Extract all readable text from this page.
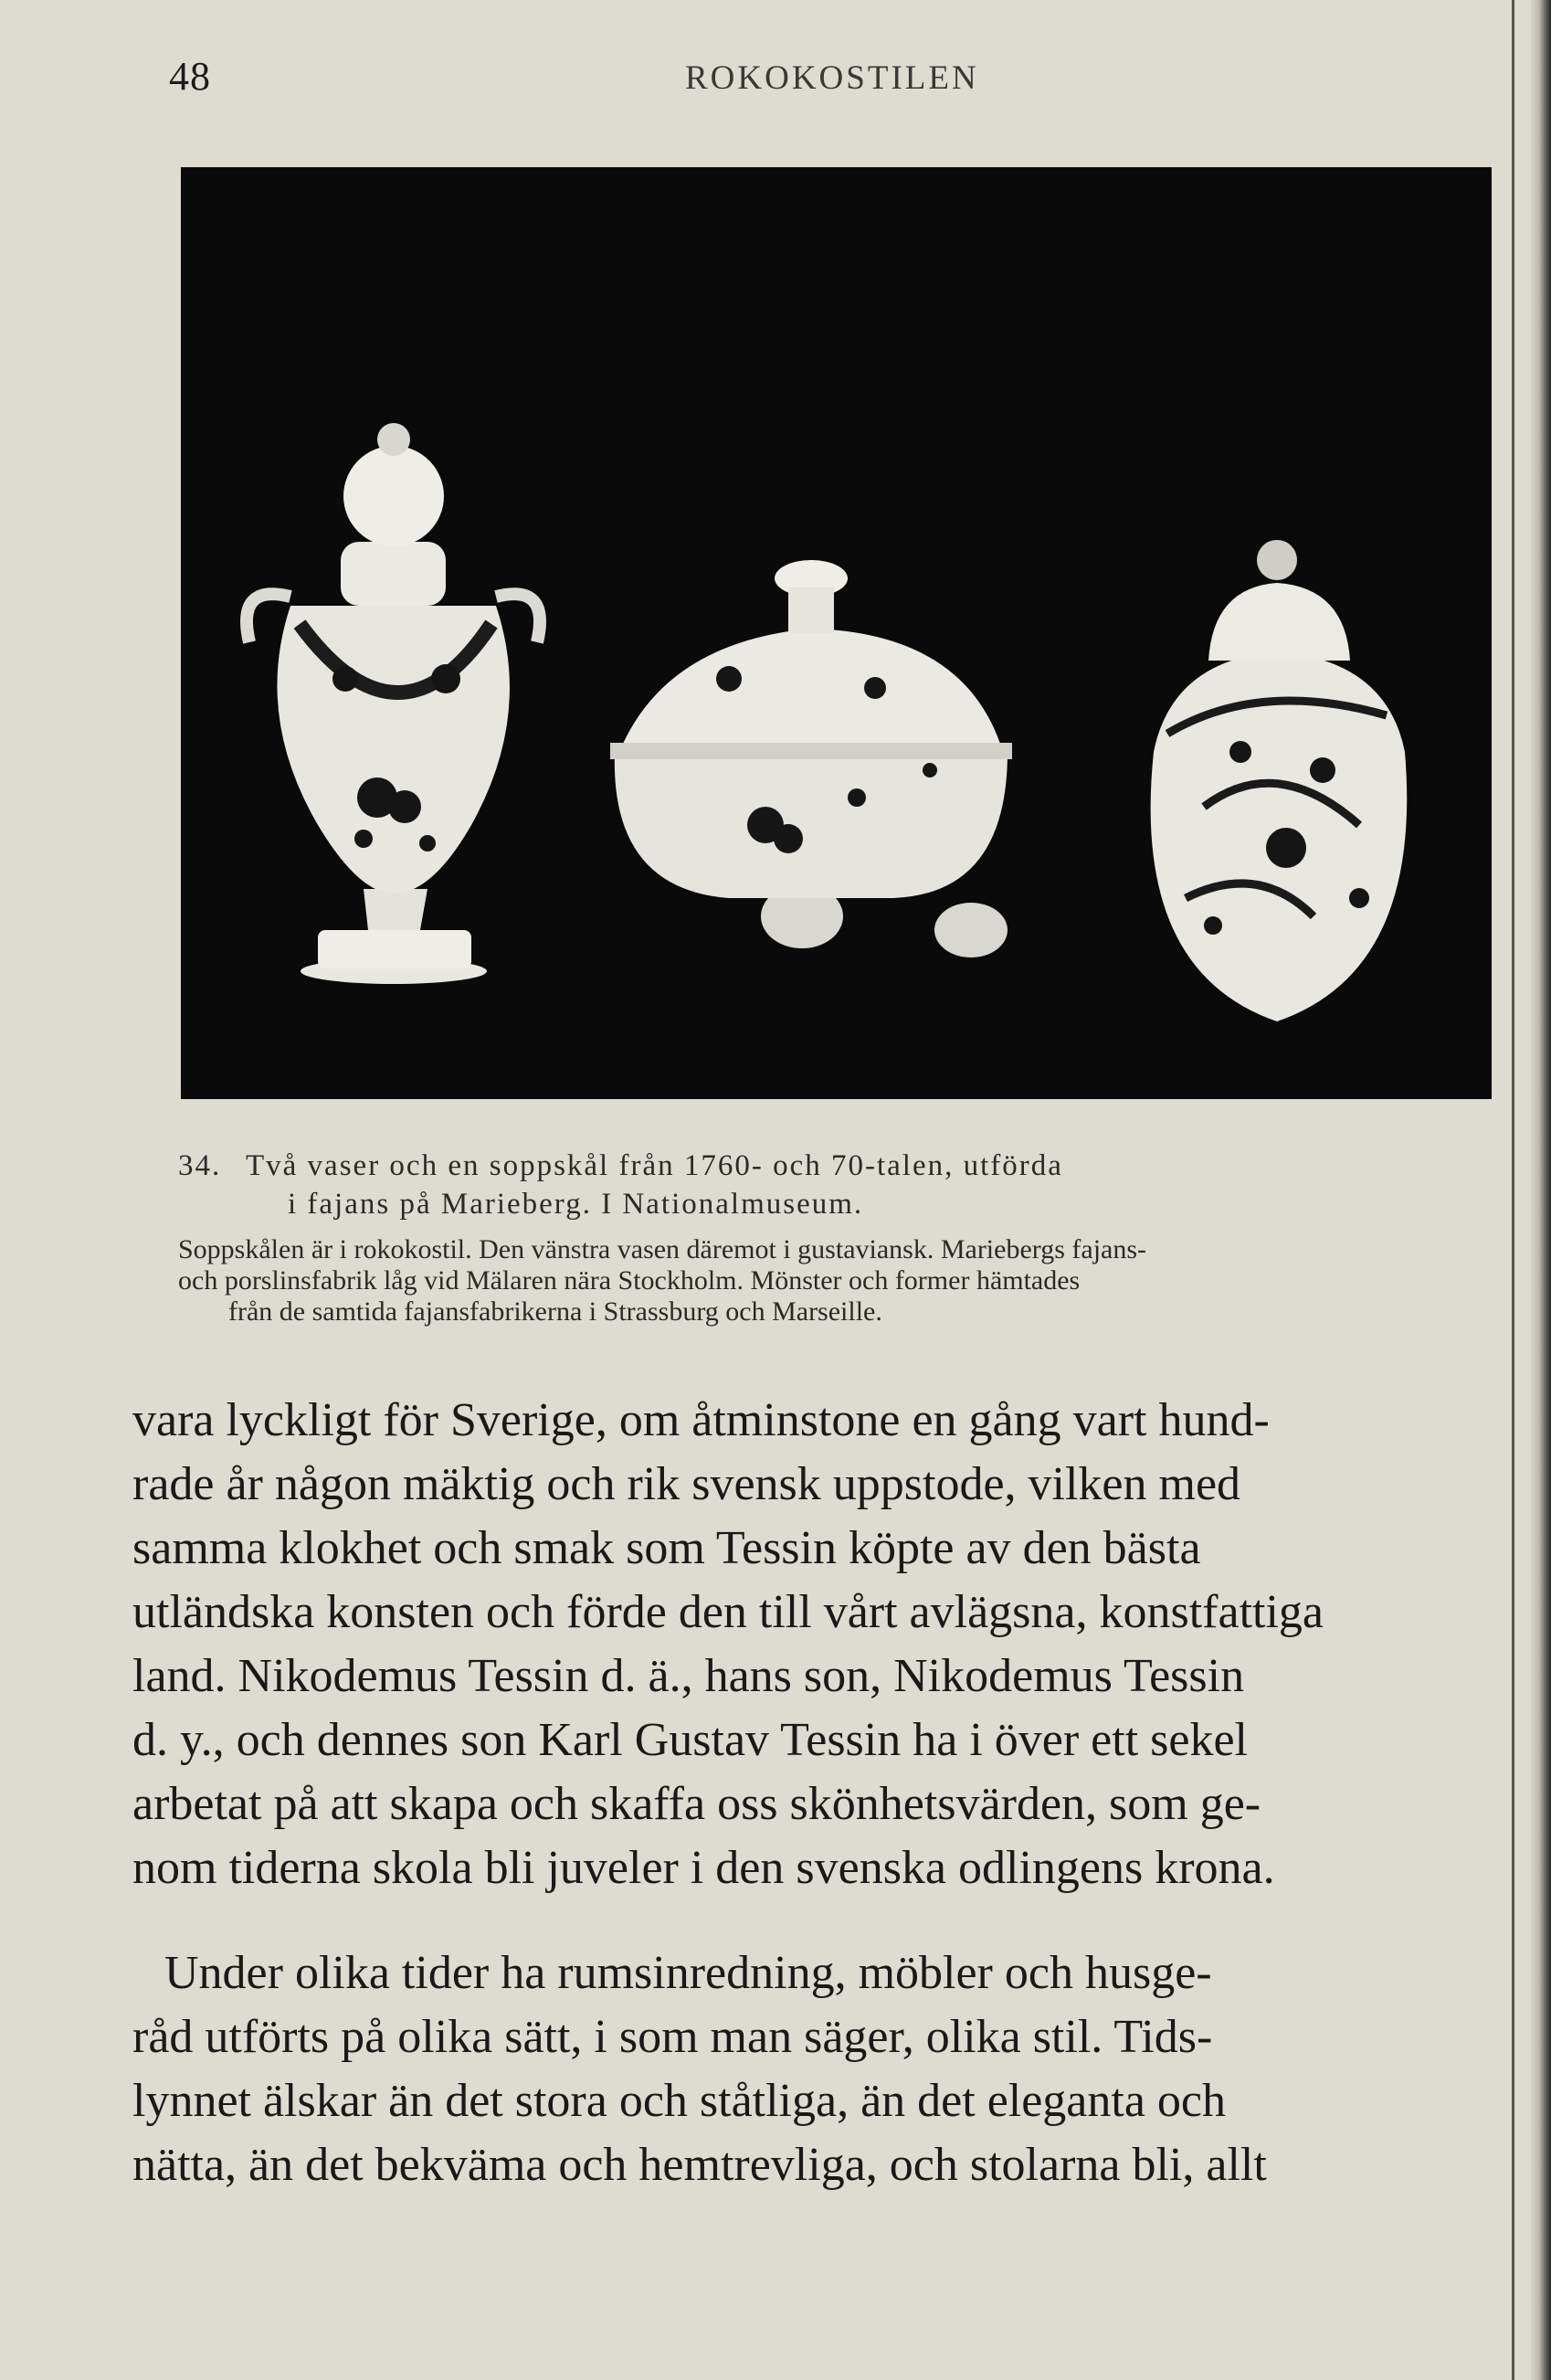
48	ROKOKOSTILEN
34. Två vaser och en soppskål från 1760- och 70-talen, utförda
i fajans på Marieberg. I Nationalmuseum.
Soppskålen är i rokokostil. Den vänstra vasen däremot i gustaviansk. Mariebergs fajans-
och porslinsfabrik låg vid Mälaren nära Stockholm. Mönster och former hämtades
från de samtida fajansfabrikerna i Strassburg och Marseille.
vara lyckligt för Sverige, om åtminstone en gång vart hund-
rade år någon mäktig och rik svensk uppstode, vilken med
samma klokhet och smak som Tessin köpte av den bästa
utländska konsten och förde den till vårt avlägsna, konstfattiga
land. Nikodemus Tessin d. ä., hans son, Nikodemus Tessin
d. y., och dennes son Karl Gustav Tessin ha i över ett sekel
arbetat på att skapa och skaffa oss skönhetsvärden, som ge-
nom tiderna skola bli juveler i den svenska odlingens krona.
Under olika tider ha rumsinredning, möbler och husge-
råd utförts på olika sätt, i som man säger, olika stil. Tids-
lynnet älskar än det stora och ståtliga, än det eleganta och
nätta, än det bekväma och hemtrevliga, och stolarna bli, allt
